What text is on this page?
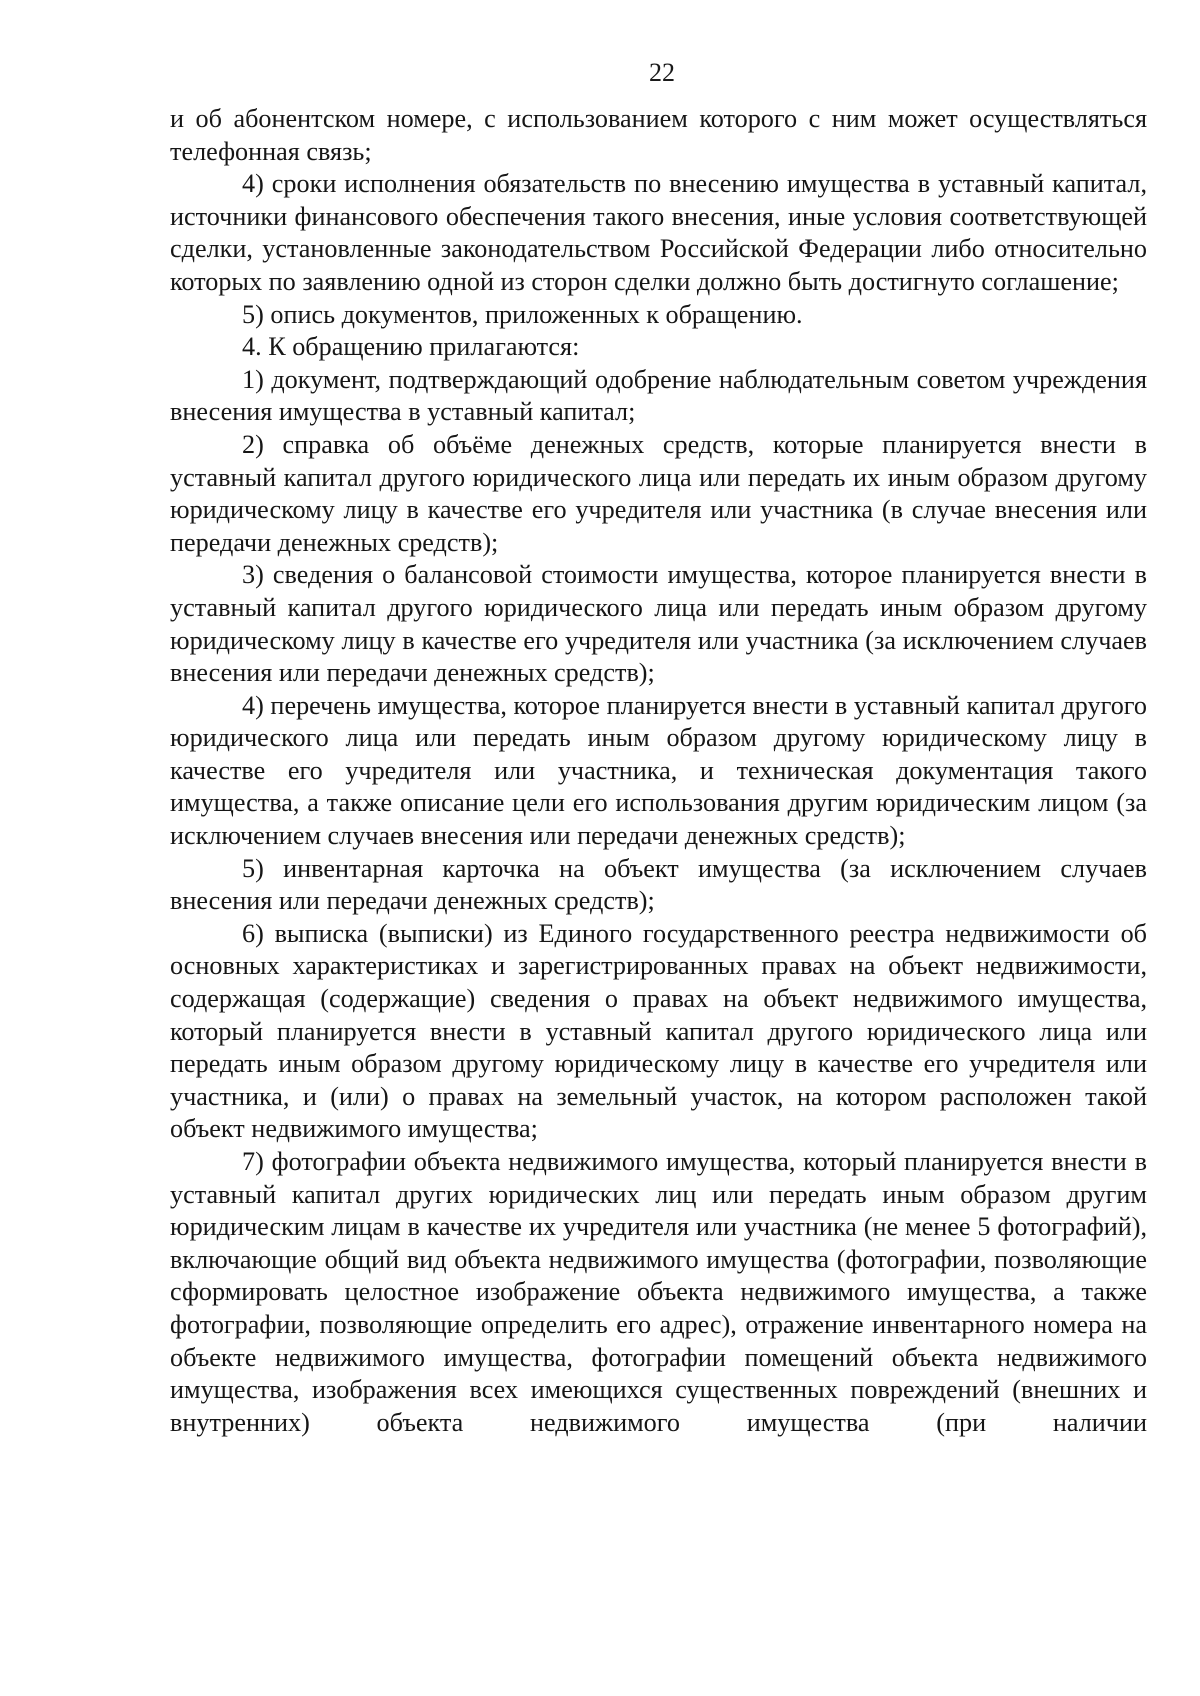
22

и об абонентском номере, с использованием которого с ним может осуществляться телефонная связь;

4) сроки исполнения обязательств по внесению имущества в уставный капитал, источники финансового обеспечения такого внесения, иные условия соответствующей сделки, установленные законодательством Российской Федерации либо относительно которых по заявлению одной из сторон сделки должно быть достигнуто соглашение;

5) опись документов, приложенных к обращению.

4. К обращению прилагаются:

1) документ, подтверждающий одобрение наблюдательным советом учреждения внесения имущества в уставный капитал;

2) справка об объёме денежных средств, которые планируется внести в уставный капитал другого юридического лица или передать их иным образом другому юридическому лицу в качестве его учредителя или участника (в случае внесения или передачи денежных средств);

3) сведения о балансовой стоимости имущества, которое планируется внести в уставный капитал другого юридического лица или передать иным образом другому юридическому лицу в качестве его учредителя или участника (за исключением случаев внесения или передачи денежных средств);

4) перечень имущества, которое планируется внести в уставный капитал другого юридического лица или передать иным образом другому юридическому лицу в качестве его учредителя или участника, и техническая документация такого имущества, а также описание цели его использования другим юридическим лицом (за исключением случаев внесения или передачи денежных средств);

5) инвентарная карточка на объект имущества (за исключением случаев внесения или передачи денежных средств);

6) выписка (выписки) из Единого государственного реестра недвижимости об основных характеристиках и зарегистрированных правах на объект недвижимости, содержащая (содержащие) сведения о правах на объект недвижимого имущества, который планируется внести в уставный капитал другого юридического лица или передать иным образом другому юридическому лицу в качестве его учредителя или участника, и (или) о правах на земельный участок, на котором расположен такой объект недвижимого имущества;

7) фотографии объекта недвижимого имущества, который планируется внести в уставный капитал других юридических лиц или передать иным образом другим юридическим лицам в качестве их учредителя или участника (не менее 5 фотографий), включающие общий вид объекта недвижимого имущества (фотографии, позволяющие сформировать целостное изображение объекта недвижимого имущества, а также фотографии, позволяющие определить его адрес), отражение инвентарного номера на объекте недвижимого имущества, фотографии помещений объекта недвижимого имущества, изображения всех имеющихся существенных повреждений (внешних и внутренних) объекта недвижимого имущества (при наличии
